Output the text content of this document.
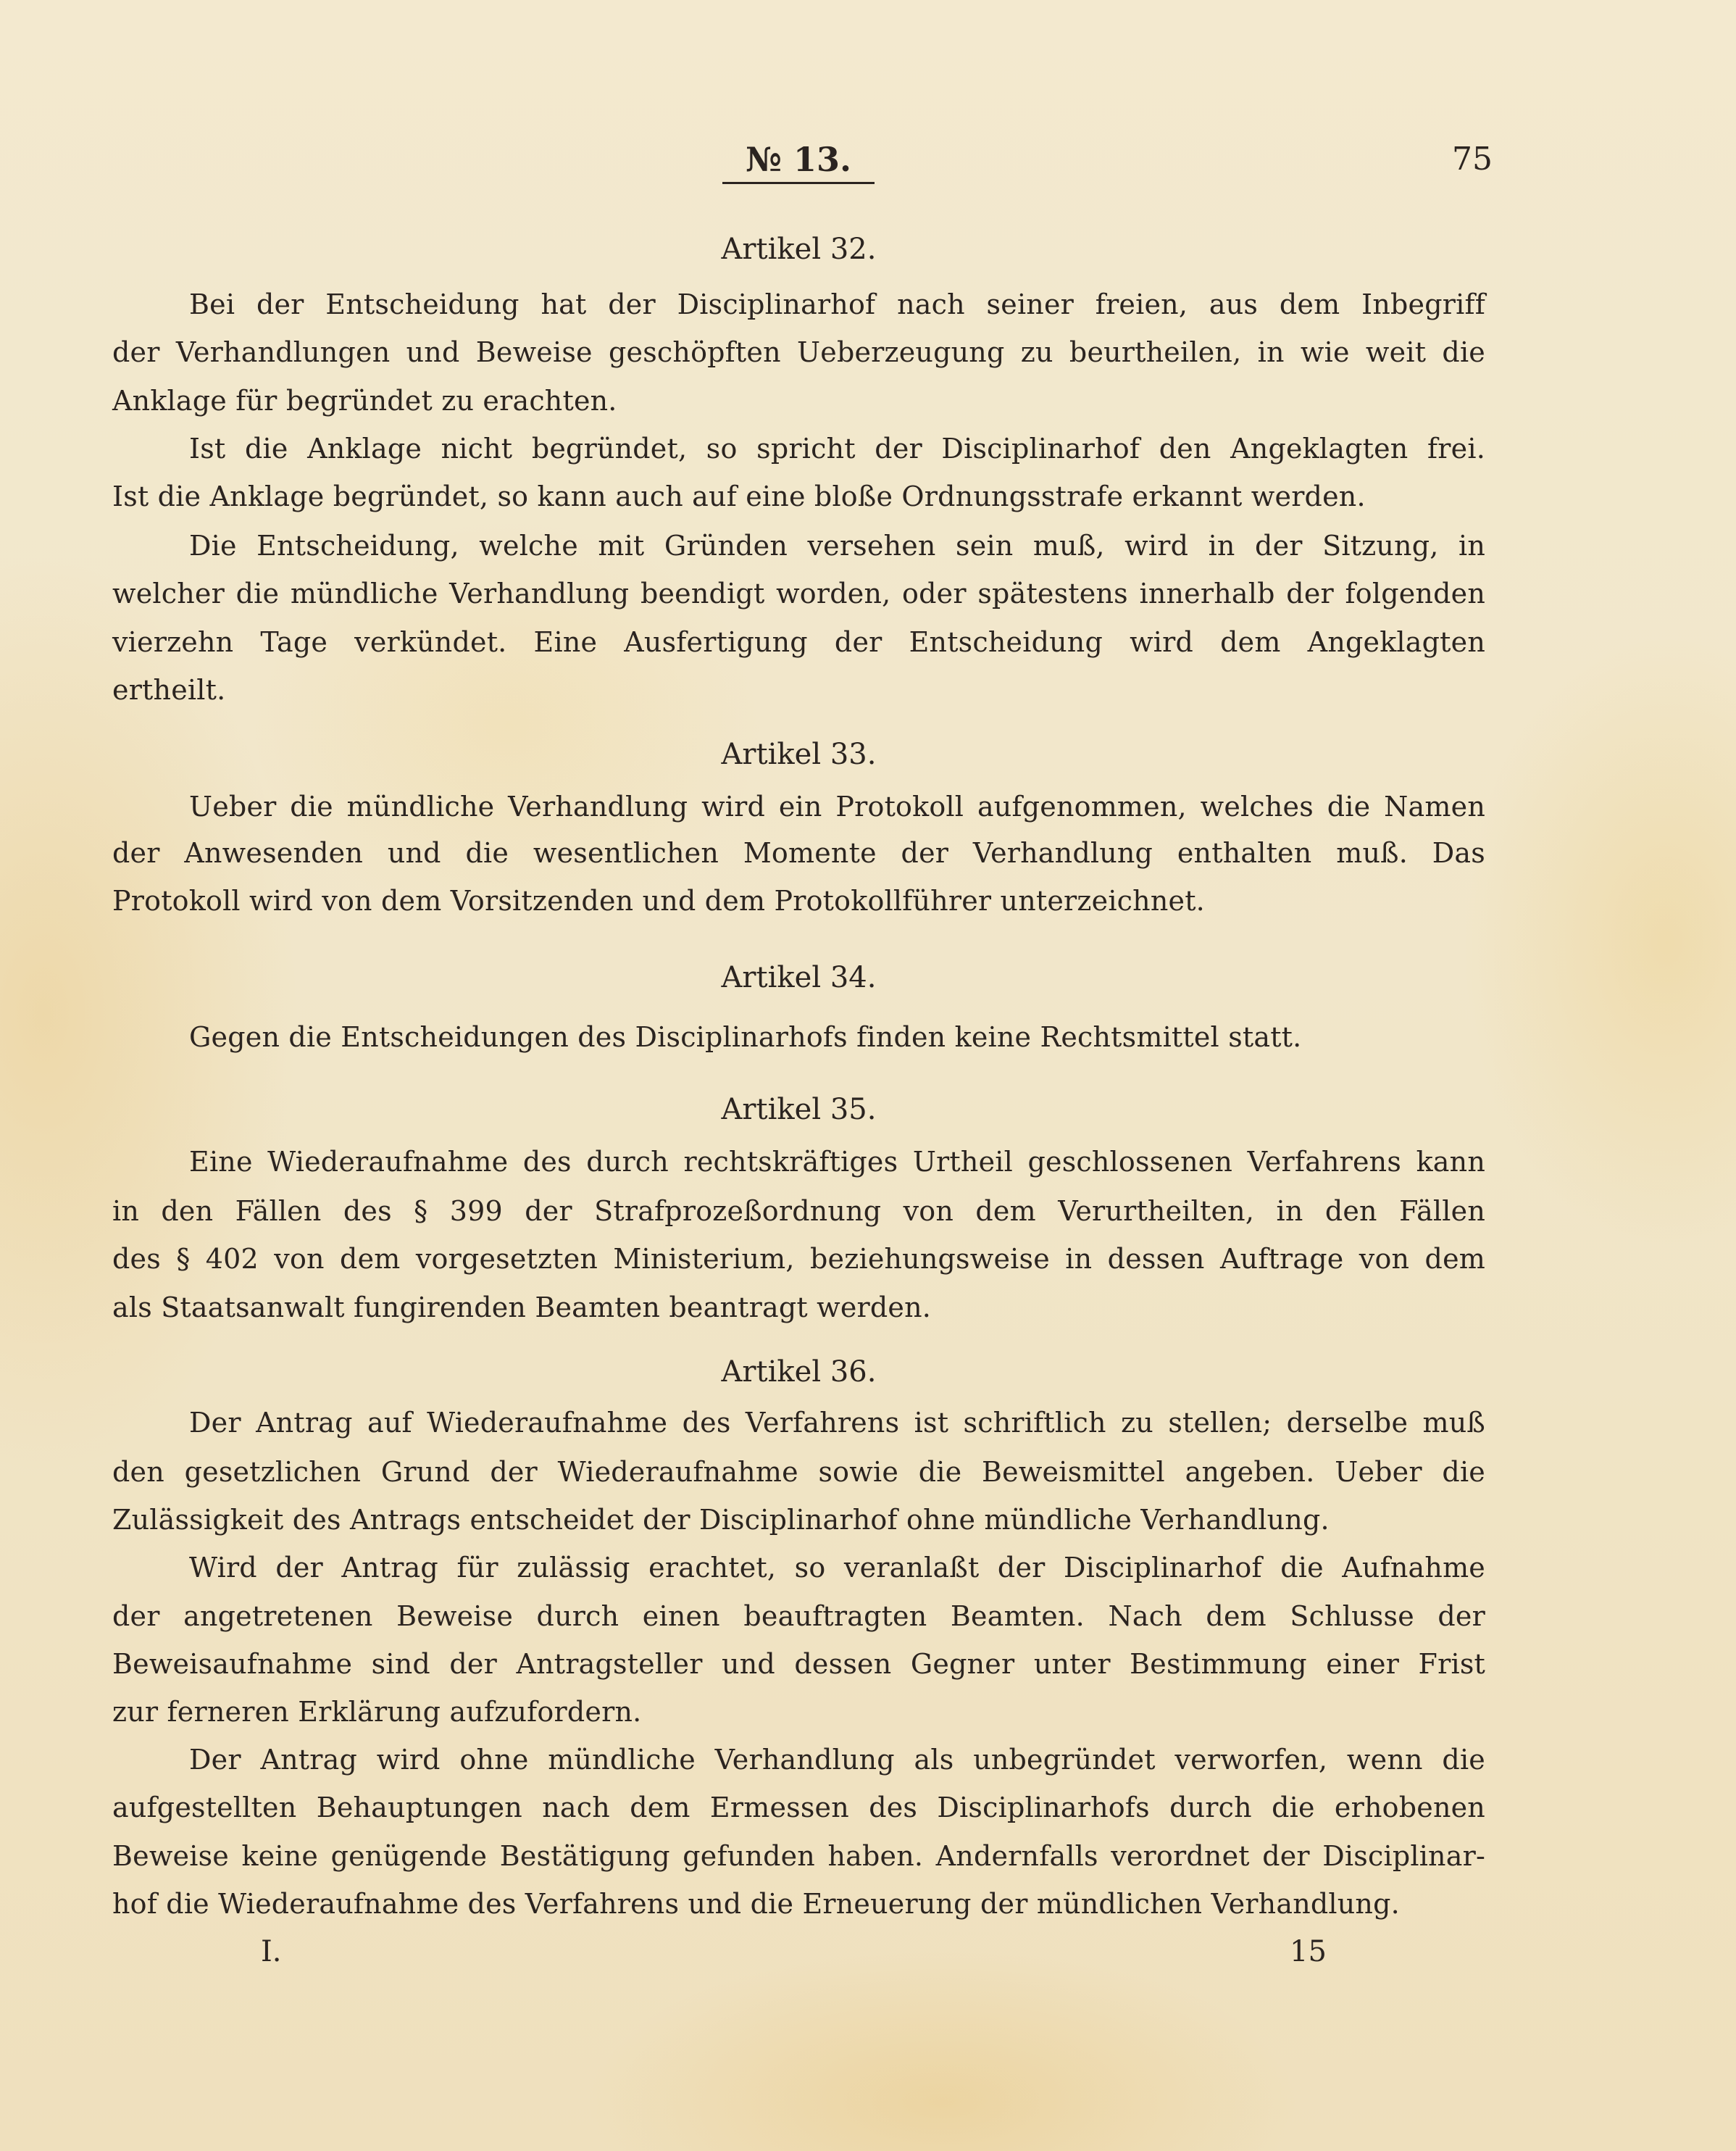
№ 13.	75
Artikel 32.
Bei der Entscheidung hat der Disciplinarhof nach seiner freien, aus dem Inbegriff
der Verhandlungen und Beweise geschöpften Ueberzeugung zu beurtheilen, in wie weit die
Anklage für begründet zu erachten.
Ist die Anklage nicht begründet, so spricht der Disciplinarhof den Angeklagten frei.
Ist die Anklage begründet, so kann auch auf eine bloße Ordnungsstrafe erkannt werden.
Die Entscheidung, welche mit Gründen versehen sein muß, wird in der Sitzung, in
welcher die mündliche Verhandlung beendigt worden, oder spätestens innerhalb der folgenden
vierzehn Tage verkündet. Eine Ausfertigung der Entscheidung wird dem Angeklagten
ertheilt.
Artikel 33.
Ueber die mündliche Verhandlung wird ein Protokoll aufgenommen, welches die Namen
der Anwesenden und die wesentlichen Momente der Verhandlung enthalten muß. Das
Protokoll wird von dem Vorsitzenden und dem Protokollführer unterzeichnet.
Artikel 34.
Gegen die Entscheidungen des Disciplinarhofs finden keine Rechtsmittel statt.
Artikel 35.
Eine Wiederaufnahme des durch rechtskräftiges Urtheil geschlossenen Verfahrens kann
in den Fällen des § 399 der Strafprozeßordnung von dem Verurtheilten, in den Fällen
des § 402 von dem vorgesetzten Ministerium, beziehungsweise in dessen Auftrage von dem
als Staatsanwalt fungirenden Beamten beantragt werden.
Artikel 36.
Der Antrag auf Wiederaufnahme des Verfahrens ist schriftlich zu stellen; derselbe muß
den gesetzlichen Grund der Wiederaufnahme sowie die Beweismittel angeben. Ueber die
Zulässigkeit des Antrags entscheidet der Disciplinarhof ohne mündliche Verhandlung.
Wird der Antrag für zulässig erachtet, so veranlaßt der Disciplinarhof die Aufnahme
der angetretenen Beweise durch einen beauftragten Beamten. Nach dem Schlusse der
Beweisaufnahme sind der Antragsteller und dessen Gegner unter Bestimmung einer Frist
zur ferneren Erklärung aufzufordern.
Der Antrag wird ohne mündliche Verhandlung als unbegründet verworfen, wenn die
aufgestellten Behauptungen nach dem Ermessen des Disciplinarhofs durch die erhobenen
Beweise keine genügende Bestätigung gefunden haben. Andernfalls verordnet der Disciplinar-
hof die Wiederaufnahme des Verfahrens und die Erneuerung der mündlichen Verhandlung.
I.	15
